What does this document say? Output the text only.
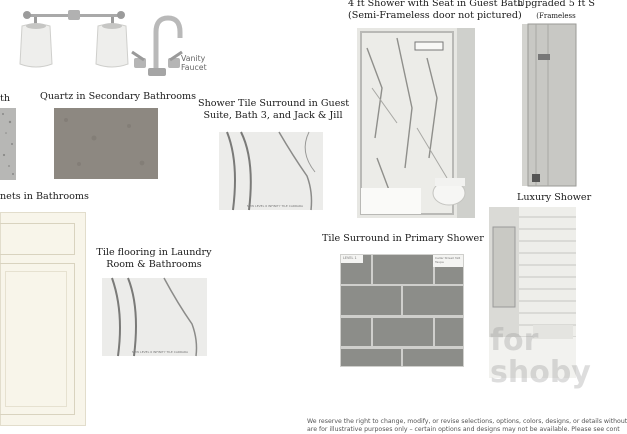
Vanity
Faucet
4 ft Shower with Seat in Guest Bath
(Semi-Frameless door not pictured)
Upgraded 5 ft S
(Frameless
th	Quartz in Secondary Bathrooms
Shower Tile Surround in Guest
Suite, Bath 3, and Jack & Jill
NEW LEVEL 6 INFINITY TILE CARRARA
nets in Bathrooms
Tile flooring in Laundry
Room & Bathrooms
NEW LEVEL 6 INFINITY TILE CARRARA
Tile Surround in Primary Shower
LEVEL 1	Cellar Street 3x6 Taupe
Luxury Shower
for
shoby
We reserve the right to change, modify, or revise selections, options, colors, designs, or details without
are for illustrative purposes only – certain options and designs may not be available. Please see cont
